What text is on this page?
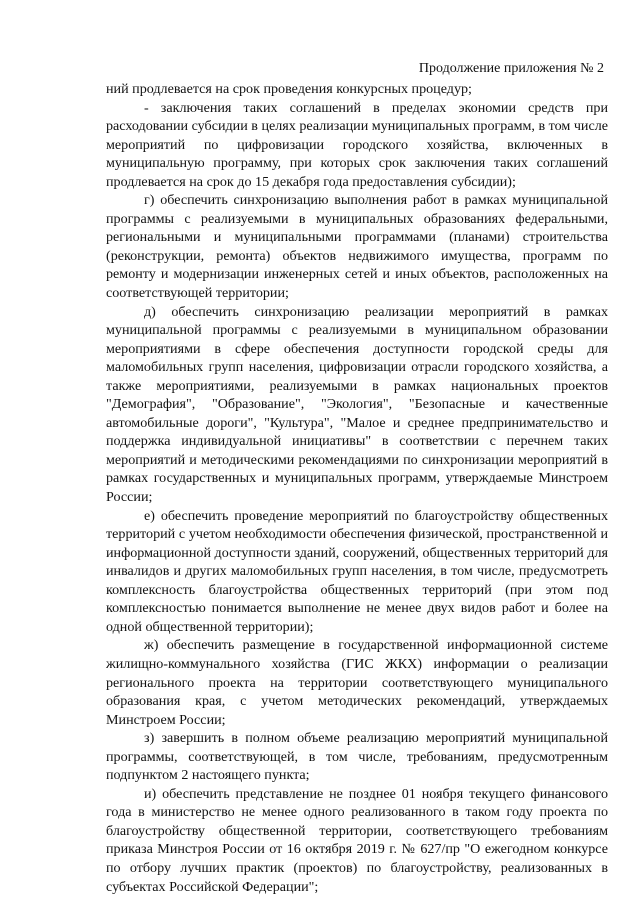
Продолжение приложения № 2

ний продлевается на срок проведения конкурсных процедур;

- заключения таких соглашений в пределах экономии средств при расходовании субсидии в целях реализации муниципальных программ, в том числе мероприятий по цифровизации городского хозяйства, включенных в муниципальную программу, при которых срок заключения таких соглашений продлевается на срок до 15 декабря года предоставления субсидии);

г) обеспечить синхронизацию выполнения работ в рамках муниципальной программы с реализуемыми в муниципальных образованиях федеральными, региональными и муниципальными программами (планами) строительства (реконструкции, ремонта) объектов недвижимого имущества, программ по ремонту и модернизации инженерных сетей и иных объектов, расположенных на соответствующей территории;

д) обеспечить синхронизацию реализации мероприятий в рамках муниципальной программы с реализуемыми в муниципальном образовании мероприятиями в сфере обеспечения доступности городской среды для маломобильных групп населения, цифровизации отрасли городского хозяйства, а также мероприятиями, реализуемыми в рамках национальных проектов "Демография", "Образование", "Экология", "Безопасные и качественные автомобильные дороги", "Культура", "Малое и среднее предпринимательство и поддержка индивидуальной инициативы" в соответствии с перечнем таких мероприятий и методическими рекомендациями по синхронизации мероприятий в рамках государственных и муниципальных программ, утверждаемые Минстроем России;

е) обеспечить проведение мероприятий по благоустройству общественных территорий с учетом необходимости обеспечения физической, пространственной и информационной доступности зданий, сооружений, общественных территорий для инвалидов и других маломобильных групп населения, в том числе, предусмотреть комплексность благоустройства общественных территорий (при этом под комплексностью понимается выполнение не менее двух видов работ и более на одной общественной территории);

ж) обеспечить размещение в государственной информационной системе жилищно-коммунального хозяйства (ГИС ЖКХ) информации о реализации регионального проекта на территории соответствующего муниципального образования края, с учетом методических рекомендаций, утверждаемых Минстроем России;

з) завершить в полном объеме реализацию мероприятий муниципальной программы, соответствующей, в том числе, требованиям, предусмотренным подпунктом 2 настоящего пункта;

и) обеспечить представление не позднее 01 ноября текущего финансового года в министерство не менее одного реализованного в таком году проекта по благоустройству общественной территории, соответствующего требованиям приказа Минстроя России от 16 октября 2019 г. № 627/пр "О ежегодном конкурсе по отбору лучших практик (проектов) по благоустройству, реализованных в субъектах Российской Федерации";
